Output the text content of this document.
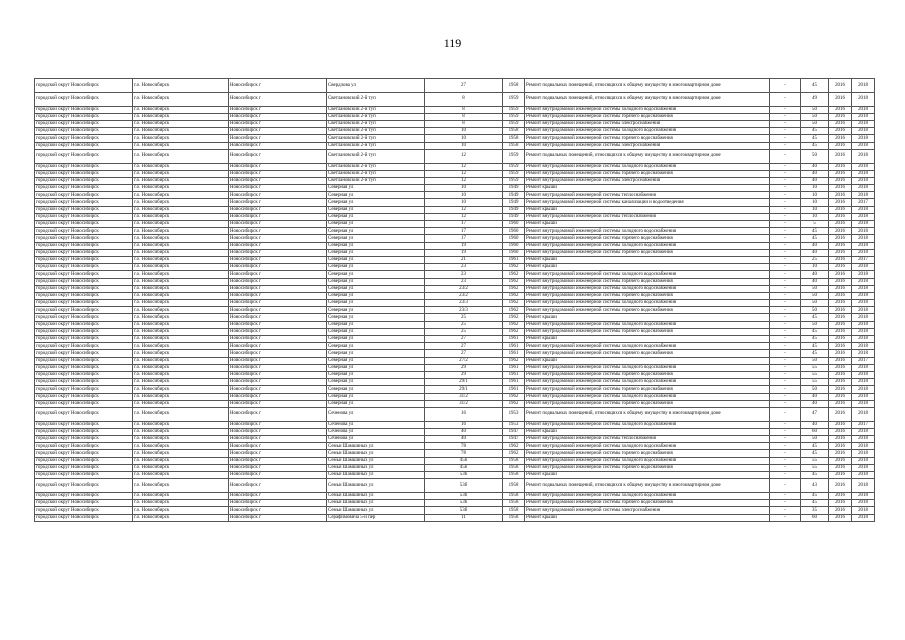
119
городской округ Новосибирск	г.о. Новосибирск	Новосибирск г	Свердлова ул	27	1958	Ремонт подвальных помещений, относящихся к общему имуществу в многоквартирном доме	-	45	2016	2018
городской округ Новосибирск	г.о. Новосибирск	Новосибирск г	Светлановский 2-й туп	8	1959	Ремонт подвальных помещений, относящихся к общему имуществу в многоквартирном доме	-	49	2016	2018
городской округ Новосибирск	г.о. Новосибирск	Новосибирск г	Светлановский 2-й туп	8	1959	Ремонт внутридомовой инженерной системы холодного водоснабжения	-	50	2016	2018
городской округ Новосибирск	г.о. Новосибирск	Новосибирск г	Светлановский 2-й туп	8	1959	Ремонт внутридомовой инженерной системы горячего водоснабжения	-	50	2016	2018
городской округ Новосибирск	г.о. Новосибирск	Новосибирск г	Светлановский 2-й туп	8	1959	Ремонт внутридомовой инженерной системы электроснабжения	-	50	2016	2018
городской округ Новосибирск	г.о. Новосибирск	Новосибирск г	Светлановский 2-й туп	10	1958	Ремонт внутридомовой инженерной системы холодного водоснабжения	-	45	2016	2018
городской округ Новосибирск	г.о. Новосибирск	Новосибирск г	Светлановский 2-й туп	10	1958	Ремонт внутридомовой инженерной системы горячего водоснабжения	-	45	2016	2018
городской округ Новосибирск	г.о. Новосибирск	Новосибирск г	Светлановский 2-й туп	10	1958	Ремонт внутридомовой инженерной системы электроснабжения	-	45	2016	2018
городской округ Новосибирск	г.о. Новосибирск	Новосибирск г	Светлановский 2-й туп	12	1959	Ремонт подвальных помещений, относящихся к общему имуществу в многоквартирном доме	-	50	2016	2018
городской округ Новосибирск	г.о. Новосибирск	Новосибирск г	Светлановский 2-й туп	12	1959	Ремонт внутридомовой инженерной системы холодного водоснабжения	-	40	2016	2018
городской округ Новосибирск	г.о. Новосибирск	Новосибирск г	Светлановский 2-й туп	12	1959	Ремонт внутридомовой инженерной системы горячего водоснабжения	-	40	2016	2018
городской округ Новосибирск	г.о. Новосибирск	Новосибирск г	Светлановский 2-й туп	12	1959	Ремонт внутридомовой инженерной системы электроснабжения	-	40	2016	2018
городской округ Новосибирск	г.о. Новосибирск	Новосибирск г	Северная ул	10	1949	Ремонт крыши	-	10	2016	2018
городской округ Новосибирск	г.о. Новосибирск	Новосибирск г	Северная ул	10	1949	Ремонт внутридомовой инженерной системы теплоснабжения	-	10	2016	2018
городской округ Новосибирск	г.о. Новосибирск	Новосибирск г	Северная ул	10	1949	Ремонт внутридомовой инженерной системы канализации и водоотведения	-	10	2016	2017
городской округ Новосибирск	г.о. Новосибирск	Новосибирск г	Северная ул	12	1949	Ремонт крыши	-	10	2016	2018
городской округ Новосибирск	г.о. Новосибирск	Новосибирск г	Северная ул	12	1949	Ремонт внутридомовой инженерной системы теплоснабжения	-	10	2016	2018
городской округ Новосибирск	г.о. Новосибирск	Новосибирск г	Северная ул	17	1960	Ремонт крыши	-	5	2016	2018
городской округ Новосибирск	г.о. Новосибирск	Новосибирск г	Северная ул	17	1960	Ремонт внутридомовой инженерной системы холодного водоснабжения	-	45	2016	2018
городской округ Новосибирск	г.о. Новосибирск	Новосибирск г	Северная ул	17	1960	Ремонт внутридомовой инженерной системы горячего водоснабжения	-	45	2016	2018
городской округ Новосибирск	г.о. Новосибирск	Новосибирск г	Северная ул	19	1960	Ремонт внутридомовой инженерной системы холодного водоснабжения	-	40	2016	2018
городской округ Новосибирск	г.о. Новосибирск	Новосибирск г	Северная ул	19	1960	Ремонт внутридомовой инженерной системы горячего водоснабжения	-	40	2016	2018
городской округ Новосибирск	г.о. Новосибирск	Новосибирск г	Северная ул	21	1961	Ремонт крыши	-	25	2016	2017
городской округ Новосибирск	г.о. Новосибирск	Новосибирск г	Северная ул	23	1962	Ремонт крыши	-	10	2016	2018
городской округ Новосибирск	г.о. Новосибирск	Новосибирск г	Северная ул	23	1962	Ремонт внутридомовой инженерной системы холодного водоснабжения	-	40	2016	2018
городской округ Новосибирск	г.о. Новосибирск	Новосибирск г	Северная ул	23	1962	Ремонт внутридомовой инженерной системы горячего водоснабжения	-	40	2016	2018
городской округ Новосибирск	г.о. Новосибирск	Новосибирск г	Северная ул	23/2	1962	Ремонт внутридомовой инженерной системы холодного водоснабжения	-	50	2016	2018
городской округ Новосибирск	г.о. Новосибирск	Новосибирск г	Северная ул	23/2	1962	Ремонт внутридомовой инженерной системы горячего водоснабжения	-	50	2016	2018
городской округ Новосибирск	г.о. Новосибирск	Новосибирск г	Северная ул	23/3	1962	Ремонт внутридомовой инженерной системы холодного водоснабжения	-	50	2016	2018
городской округ Новосибирск	г.о. Новосибирск	Новосибирск г	Северная ул	23/3	1962	Ремонт внутридомовой инженерной системы горячего водоснабжения	-	50	2016	2018
городской округ Новосибирск	г.о. Новосибирск	Новосибирск г	Северная ул	25	1962	Ремонт крыши	-	45	2016	2018
городской округ Новосибирск	г.о. Новосибирск	Новосибирск г	Северная ул	25	1962	Ремонт внутридомовой инженерной системы холодного водоснабжения	-	50	2016	2018
городской округ Новосибирск	г.о. Новосибирск	Новосибирск г	Северная ул	25	1962	Ремонт внутридомовой инженерной системы горячего водоснабжения	-	45	2016	2018
городской округ Новосибирск	г.о. Новосибирск	Новосибирск г	Северная ул	27	1961	Ремонт крыши	-	45	2016	2018
городской округ Новосибирск	г.о. Новосибирск	Новосибирск г	Северная ул	27	1961	Ремонт внутридомовой инженерной системы холодного водоснабжения	-	45	2016	2018
городской округ Новосибирск	г.о. Новосибирск	Новосибирск г	Северная ул	27	1961	Ремонт внутридомовой инженерной системы горячего водоснабжения	-	45	2016	2018
городской округ Новосибирск	г.о. Новосибирск	Новосибирск г	Северная ул	27/2	1962	Ремонт крыши	-	50	2016	2017
городской округ Новосибирск	г.о. Новосибирск	Новосибирск г	Северная ул	29	1961	Ремонт внутридомовой инженерной системы холодного водоснабжения	-	55	2016	2018
городской округ Новосибирск	г.о. Новосибирск	Новосибирск г	Северная ул	29	1961	Ремонт внутридомовой инженерной системы горячего водоснабжения	-	55	2016	2018
городской округ Новосибирск	г.о. Новосибирск	Новосибирск г	Северная ул	29/1	1961	Ремонт внутридомовой инженерной системы холодного водоснабжения	-	55	2016	2018
городской округ Новосибирск	г.о. Новосибирск	Новосибирск г	Северная ул	29/1	1961	Ремонт внутридомовой инженерной системы горячего водоснабжения	-	50	2016	2018
городской округ Новосибирск	г.о. Новосибирск	Новосибирск г	Северная ул	31/2	1962	Ремонт внутридомовой инженерной системы холодного водоснабжения	-	40	2016	2018
городской округ Новосибирск	г.о. Новосибирск	Новосибирск г	Северная ул	31/2	1962	Ремонт внутридомовой инженерной системы горячего водоснабжения	-	40	2016	2018
городской округ Новосибирск	г.о. Новосибирск	Новосибирск г	Сеченова ул	16	1953	Ремонт подвальных помещений, относящихся к общему имуществу в многоквартирном доме	-	47	2016	2018
городской округ Новосибирск	г.о. Новосибирск	Новосибирск г	Сеченова ул	16	1953	Ремонт внутридомовой инженерной системы холодного водоснабжения	-	40	2016	2017
городской округ Новосибирск	г.о. Новосибирск	Новосибирск г	Сеченова ул	40	1947	Ремонт крыши	-	60	2016	2018
городской округ Новосибирск	г.о. Новосибирск	Новосибирск г	Сеченова ул	40	1947	Ремонт внутридомовой инженерной системы теплоснабжения	-	50	2016	2018
городской округ Новосибирск	г.о. Новосибирск	Новосибирск г	Семьи Шамшиных ул	78	1962	Ремонт внутридомовой инженерной системы холодного водоснабжения	-	45	2016	2018
городской округ Новосибирск	г.о. Новосибирск	Новосибирск г	Семьи Шамшиных ул	78	1962	Ремонт внутридомовой инженерной системы горячего водоснабжения	-	45	2016	2018
городской округ Новосибирск	г.о. Новосибирск	Новосибирск г	Семьи Шамшиных ул	45б	1958	Ремонт внутридомовой инженерной системы холодного водоснабжения	-	55	2016	2018
городской округ Новосибирск	г.о. Новосибирск	Новосибирск г	Семьи Шамшиных ул	45б	1958	Ремонт внутридомовой инженерной системы горячего водоснабжения	-	55	2016	2018
городской округ Новосибирск	г.о. Новосибирск	Новосибирск г	Семьи Шамшиных ул	53б	1958	Ремонт крыши	-	45	2016	2018
городской округ Новосибирск	г.о. Новосибирск	Новосибирск г	Семьи Шамшиных ул	53б	1958	Ремонт подвальных помещений, относящихся к общему имуществу в многоквартирном доме	-	43	2016	2018
городской округ Новосибирск	г.о. Новосибирск	Новосибирск г	Семьи Шамшиных ул	53б	1958	Ремонт внутридомовой инженерной системы холодного водоснабжения	-	45	2016	2018
городской округ Новосибирск	г.о. Новосибирск	Новосибирск г	Семьи Шамшиных ул	53б	1958	Ремонт внутридомовой инженерной системы горячего водоснабжения	-	45	2016	2018
городской округ Новосибирск	г.о. Новосибирск	Новосибирск г	Семьи Шамшиных ул	53б	1958	Ремонт внутридомовой инженерной системы электроснабжения	-	35	2016	2018
городской округ Новосибирск	г.о. Новосибирск	Новосибирск г	Серафимовича 5-й пер	11	1958	Ремонт крыши	-	60	2016	2018
